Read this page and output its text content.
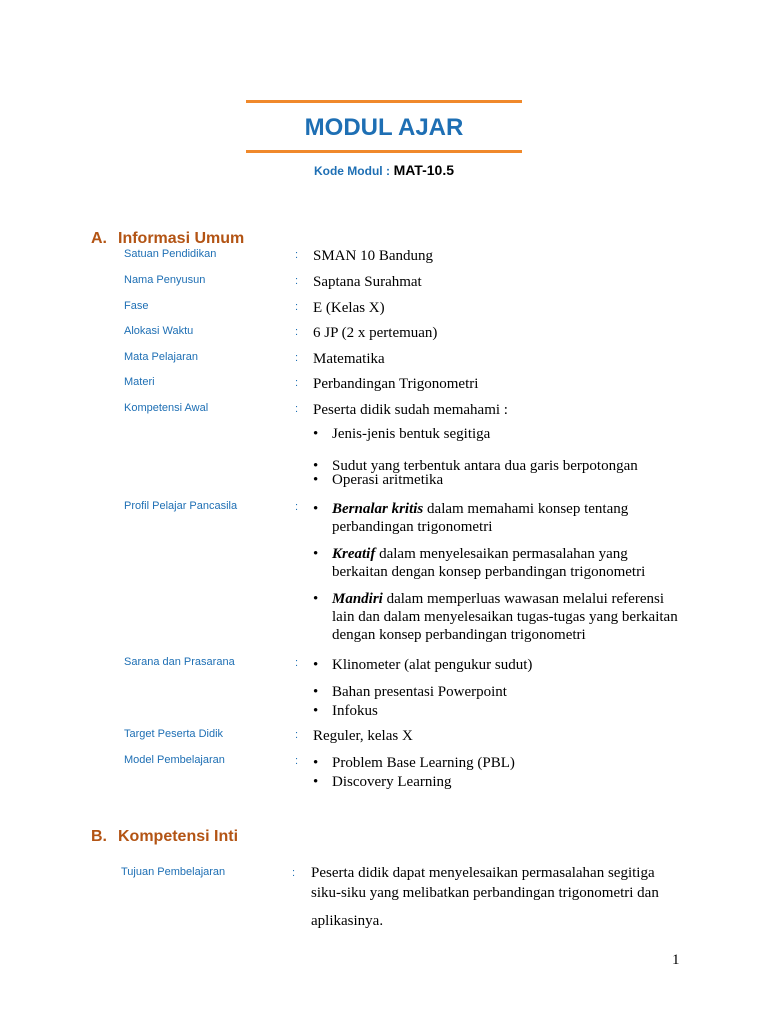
MODUL AJAR
Kode Modul : MAT-10.5
A. Informasi Umum
Satuan Pendidikan	: SMAN 10 Bandung
Nama Penyusun	: Saptana Surahmat
Fase	: E (Kelas X)
Alokasi Waktu	: 6 JP (2 x pertemuan)
Mata Pelajaran	: Matematika
Materi	: Perbandingan Trigonometri
Kompetensi Awal	: Peserta didik sudah memahami :
• Jenis-jenis bentuk segitiga
• Sudut yang terbentuk antara dua garis berpotongan
• Operasi aritmetika
Profil Pelajar Pancasila	: • Bernalar kritis dalam memahami konsep tentang perbandingan trigonometri
• Kreatif dalam menyelesaikan permasalahan yang berkaitan dengan konsep perbandingan trigonometri
• Mandiri dalam memperluas wawasan melalui referensi lain dan dalam menyelesaikan tugas-tugas yang berkaitan dengan konsep perbandingan trigonometri
Sarana dan Prasarana	: • Klinometer (alat pengukur sudut)
• Bahan presentasi Powerpoint
• Infokus
Target Peserta Didik	: Reguler, kelas X
Model Pembelajaran	: • Problem Base Learning (PBL)
• Discovery Learning
B. Kompetensi Inti
Tujuan Pembelajaran	: Peserta didik dapat menyelesaikan permasalahan segitiga
siku-siku yang melibatkan perbandingan trigonometri dan
aplikasinya.
1
